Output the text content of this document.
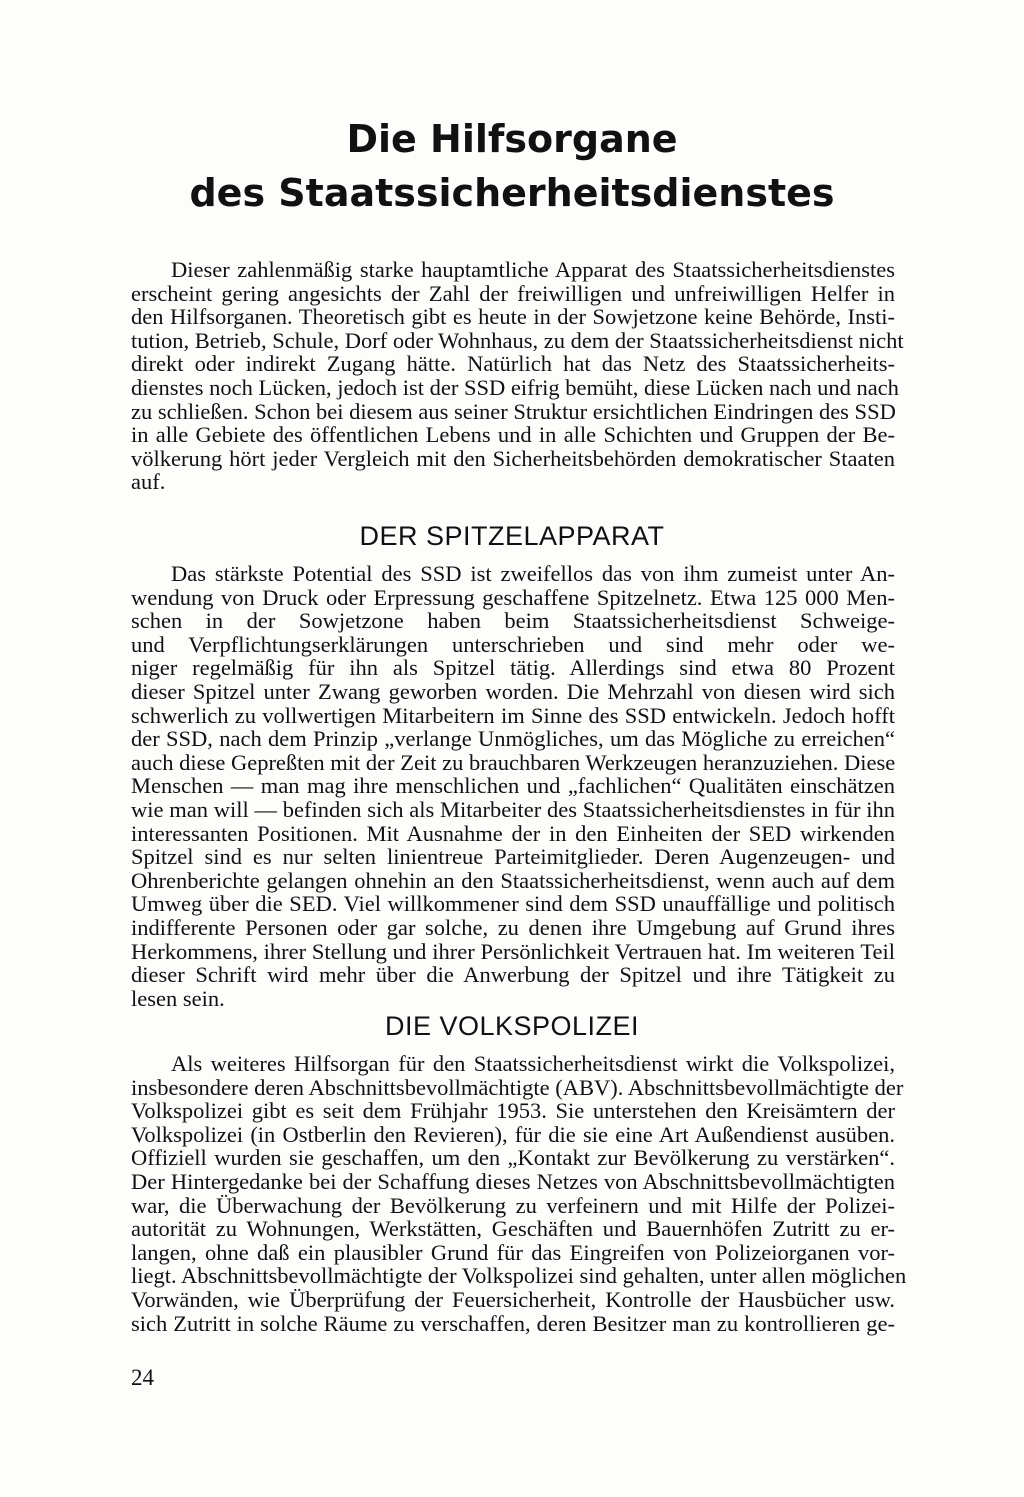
Die Hilfsorgane
des Staatssicherheitsdienstes
Dieser zahlenmäßig starke hauptamtliche Apparat des Staatssicherheitsdienstes
erscheint gering angesichts der Zahl der freiwilligen und unfreiwilligen Helfer in
den Hilfsorganen. Theoretisch gibt es heute in der Sowjetzone keine Behörde, Insti-
tution, Betrieb, Schule, Dorf oder Wohnhaus, zu dem der Staatssicherheitsdienst nicht
direkt oder indirekt Zugang hätte. Natürlich hat das Netz des Staatssicherheits-
dienstes noch Lücken, jedoch ist der SSD eifrig bemüht, diese Lücken nach und nach
zu schließen. Schon bei diesem aus seiner Struktur ersichtlichen Eindringen des SSD
in alle Gebiete des öffentlichen Lebens und in alle Schichten und Gruppen der Be-
völkerung hört jeder Vergleich mit den Sicherheitsbehörden demokratischer Staaten
auf.
DER SPITZELAPPARAT
Das stärkste Potential des SSD ist zweifellos das von ihm zumeist unter An-
wendung von Druck oder Erpressung geschaffene Spitzelnetz. Etwa 125 000 Men-
schen in der Sowjetzone haben beim Staatssicherheitsdienst Schweige-
und Verpflichtungserklärungen unterschrieben und sind mehr oder we-
niger regelmäßig für ihn als Spitzel tätig. Allerdings sind etwa 80 Prozent
dieser Spitzel unter Zwang geworben worden. Die Mehrzahl von diesen wird sich
schwerlich zu vollwertigen Mitarbeitern im Sinne des SSD entwickeln. Jedoch hofft
der SSD, nach dem Prinzip „verlange Unmögliches, um das Mögliche zu erreichen“
auch diese Gepreßten mit der Zeit zu brauchbaren Werkzeugen heranzuziehen. Diese
Menschen — man mag ihre menschlichen und „fachlichen“ Qualitäten einschätzen
wie man will — befinden sich als Mitarbeiter des Staatssicherheitsdienstes in für ihn
interessanten Positionen. Mit Ausnahme der in den Einheiten der SED wirkenden
Spitzel sind es nur selten linientreue Parteimitglieder. Deren Augenzeugen- und
Ohrenberichte gelangen ohnehin an den Staatssicherheitsdienst, wenn auch auf dem
Umweg über die SED. Viel willkommener sind dem SSD unauffällige und politisch
indifferente Personen oder gar solche, zu denen ihre Umgebung auf Grund ihres
Herkommens, ihrer Stellung und ihrer Persönlichkeit Vertrauen hat. Im weiteren Teil
dieser Schrift wird mehr über die Anwerbung der Spitzel und ihre Tätigkeit zu
lesen sein.
DIE VOLKSPOLIZEI
Als weiteres Hilfsorgan für den Staatssicherheitsdienst wirkt die Volkspolizei,
insbesondere deren Abschnittsbevollmächtigte (ABV). Abschnittsbevollmächtigte der
Volkspolizei gibt es seit dem Frühjahr 1953. Sie unterstehen den Kreisämtern der
Volkspolizei (in Ostberlin den Revieren), für die sie eine Art Außendienst ausüben.
Offiziell wurden sie geschaffen, um den „Kontakt zur Bevölkerung zu verstärken“.
Der Hintergedanke bei der Schaffung dieses Netzes von Abschnittsbevollmächtigten
war, die Überwachung der Bevölkerung zu verfeinern und mit Hilfe der Polizei-
autorität zu Wohnungen, Werkstätten, Geschäften und Bauernhöfen Zutritt zu er-
langen, ohne daß ein plausibler Grund für das Eingreifen von Polizeiorganen vor-
liegt. Abschnittsbevollmächtigte der Volkspolizei sind gehalten, unter allen möglichen
Vorwänden, wie Überprüfung der Feuersicherheit, Kontrolle der Hausbücher usw.
sich Zutritt in solche Räume zu verschaffen, deren Besitzer man zu kontrollieren ge-
24
